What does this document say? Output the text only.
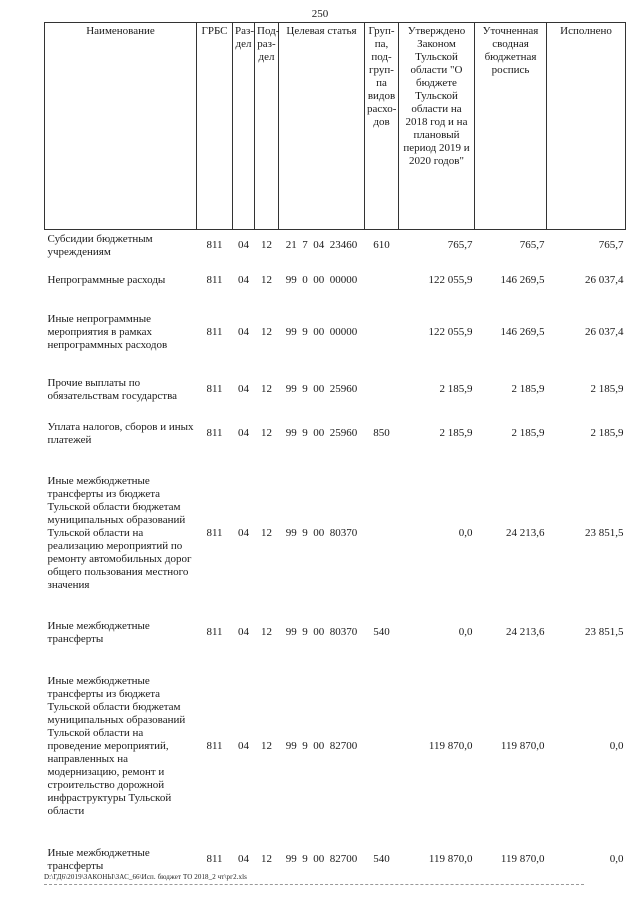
250
Наименование	ГРБС	Раз-дел	Под-раз-дел	Целевая статья	Груп-па, под-груп-па видов расхо-дов	Утверждено Законом Тульской области "О бюджете Тульской области на 2018 год и на плановый период 2019 и 2020 годов"	Уточненная сводная бюджетная роспись	Исполнено
Субсидии бюджетным учреждениям	811	04	12	21  7  04  23460	610	765,7	765,7	765,7
Непрограммные расходы	811	04	12	99  0  00  00000		122 055,9	146 269,5	26 037,4
Иные непрограммные мероприятия в рамках непрограммных расходов	811	04	12	99  9  00  00000		122 055,9	146 269,5	26 037,4
Прочие выплаты по обязательствам государства	811	04	12	99  9  00  25960		2 185,9	2 185,9	2 185,9
Уплата налогов, сборов и иных платежей	811	04	12	99  9  00  25960	850	2 185,9	2 185,9	2 185,9
Иные межбюджетные трансферты из бюджета Тульской области бюджетам муниципальных образований Тульской области на реализацию мероприятий по ремонту автомобильных дорог общего пользования местного значения	811	04	12	99  9  00  80370		0,0	24 213,6	23 851,5
Иные межбюджетные трансферты	811	04	12	99  9  00  80370	540	0,0	24 213,6	23 851,5
Иные межбюджетные трансферты из бюджета Тульской области бюджетам муниципальных образований Тульской области на проведение мероприятий, направленных на модернизацию, ремонт и строительство дорожной инфраструктуры Тульской области	811	04	12	99  9  00  82700		119 870,0	119 870,0	0,0
Иные межбюджетные трансферты	811	04	12	99  9  00  82700	540	119 870,0	119 870,0	0,0
D:\ГД6\2019\ЗАКОНЫ\ЗАС_66\Исп. бюджет ТО 2018_2 чт\рг2.xls
